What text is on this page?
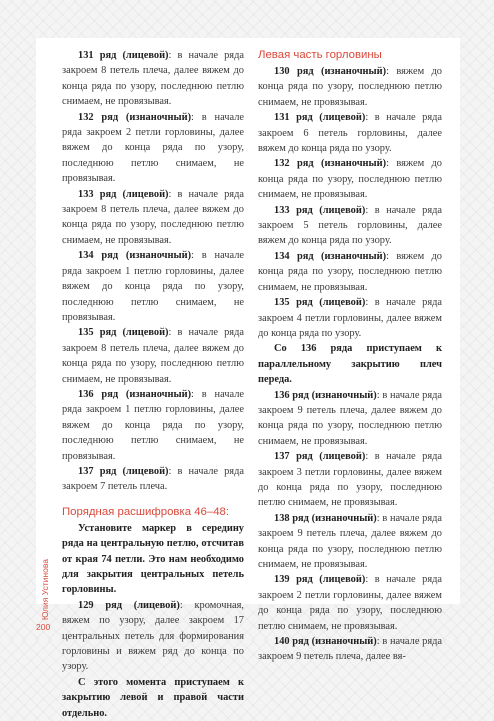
131 ряд (лицевой): в начале ряда закроем 8 петель плеча, далее вяжем до конца ряда по узору, последнюю петлю снимаем, не провязывая.

132 ряд (изнаночный): в начале ряда закроем 2 петли горловины, далее вяжем до конца ряда по узору, последнюю петлю снимаем, не провязывая.

133 ряд (лицевой): в начале ряда закроем 8 петель плеча, далее вяжем до конца ряда по узору, последнюю петлю снимаем, не провязывая.

134 ряд (изнаночный): в начале ряда закроем 1 петлю горловины, далее вяжем до конца ряда по узору, последнюю петлю снимаем, не провязывая.

135 ряд (лицевой): в начале ряда закроем 8 петель плеча, далее вяжем до конца ряда по узору, последнюю петлю снимаем, не провязывая.

136 ряд (изнаночный): в начале ряда закроем 1 петлю горловины, далее вяжем до конца ряда по узору, последнюю петлю снимаем, не провязывая.

137 ряд (лицевой): в начале ряда закроем 7 петель плеча.

Порядная расшифровка 46–48:

Установите маркер в середину ряда на центральную петлю, отсчитав от края 74 петли. Это нам необходимо для закрытия центральных петель горловины.

129 ряд (лицевой): кромочная, вяжем по узору, далее закроем 17 центральных петель для формирования горловины и вяжем ряд до конца по узору.

С этого момента приступаем к закрытию левой и правой части отдельно.

Левая часть горловины

130 ряд (изнаночный): вяжем до конца ряда по узору, последнюю петлю снимаем, не провязывая.

131 ряд (лицевой): в начале ряда закроем 6 петель горловины, далее вяжем до конца ряда по узору.

132 ряд (изнаночный): вяжем до конца ряда по узору, последнюю петлю снимаем, не провязывая.

133 ряд (лицевой): в начале ряда закроем 5 петель горловины, далее вяжем до конца ряда по узору.

134 ряд (изнаночный): вяжем до конца ряда по узору, последнюю петлю снимаем, не провязывая.

135 ряд (лицевой): в начале ряда закроем 4 петли горловины, далее вяжем до конца ряда по узору.

Со 136 ряда приступаем к параллельному закрытию плеч переда.

136 ряд (изнаночный): в начале ряда закроем 9 петель плеча, далее вяжем до конца ряда по узору, последнюю петлю снимаем, не провязывая.

137 ряд (лицевой): в начале ряда закроем 3 петли горловины, далее вяжем до конца ряда по узору, последнюю петлю снимаем, не провязывая.

138 ряд (изнаночный): в начале ряда закроем 9 петель плеча, далее вяжем до конца ряда по узору, последнюю петлю снимаем, не провязывая.

139 ряд (лицевой): в начале ряда закроем 2 петли горловины, далее вяжем до конца ряда по узору, последнюю петлю снимаем, не провязывая.

140 ряд (изнаночный): в начале ряда закроем 9 петель плеча, далее вя-

Юлия Устинова
200
